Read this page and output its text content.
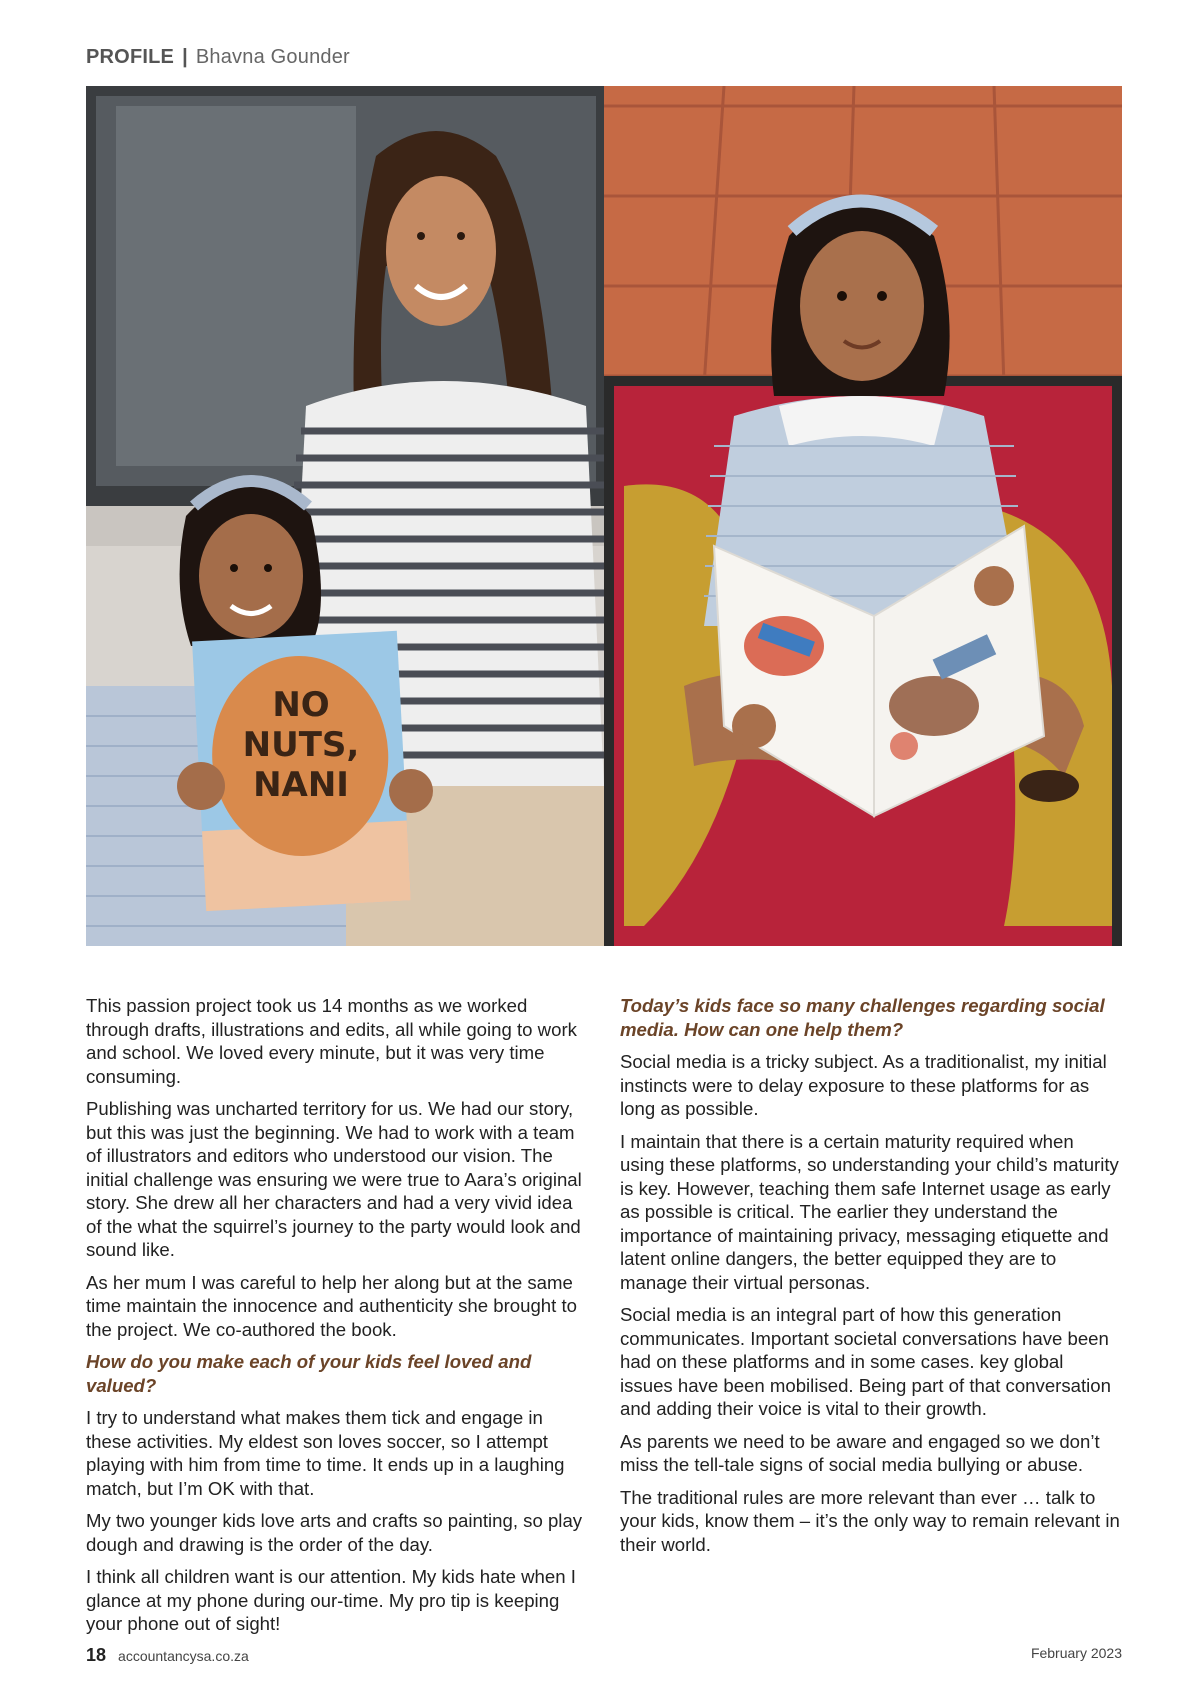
PROFILE | Bhavna Gounder
NO
NUTS,
NANI

This passion project took us 14 months as we worked through drafts, illustrations and edits, all while going to work and school. We loved every minute, but it was very time consuming.

Publishing was uncharted territory for us. We had our story, but this was just the beginning. We had to work with a team of illustrators and editors who understood our vision. The initial challenge was ensuring we were true to Aara’s original story. She drew all her characters and had a very vivid idea of the what the squirrel’s journey to the party would look and sound like.

As her mum I was careful to help her along but at the same time maintain the innocence and authenticity she brought to the project. We co-authored the book.

How do you make each of your kids feel loved and valued?

I try to understand what makes them tick and engage in these activities. My eldest son loves soccer, so I attempt playing with him from time to time. It ends up in a laughing match, but I’m OK with that.

My two younger kids love arts and crafts so painting, so play dough and drawing is the order of the day.

I think all children want is our attention. My kids hate when I glance at my phone during our-time. My pro tip is keeping your phone out of sight!

Today’s kids face so many challenges regarding social media. How can one help them?

Social media is a tricky subject. As a traditionalist, my initial instincts were to delay exposure to these platforms for as long as possible.

I maintain that there is a certain maturity required when using these platforms, so understanding your child’s maturity is key. However, teaching them safe Internet usage as early as possible is critical. The earlier they understand the importance of maintaining privacy, messaging etiquette and latent online dangers, the better equipped they are to manage their virtual personas.

Social media is an integral part of how this generation communicates. Important societal conversations have been had on these platforms and in some cases. key global issues have been mobilised. Being part of that conversation and adding their voice is vital to their growth.

As parents we need to be aware and engaged so we don’t miss the tell-tale signs of social media bullying or abuse.

The traditional rules are more relevant than ever … talk to your kids, know them – it’s the only way to remain relevant in their world.

18 accountancysa.co.za	February 2023
